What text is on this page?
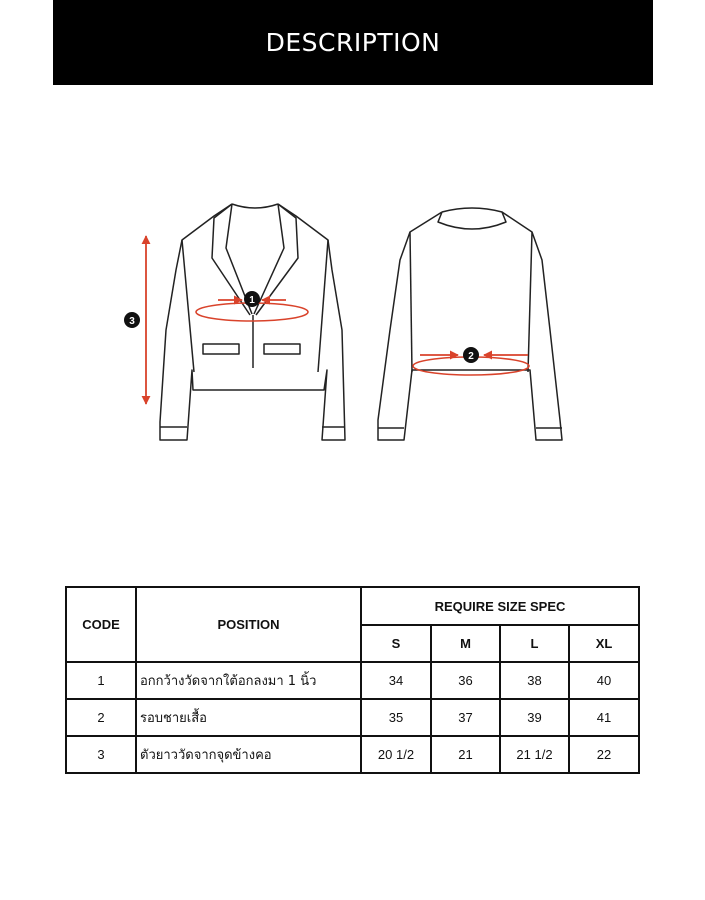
DESCRIPTION
1
2
3
CODE	POSITION	REQUIRE SIZE SPEC			
		S	M	L	XL
1	อกกว้างวัดจากใต้อกลงมา 1 นิ้ว	34	36	38	40
2	รอบชายเสื้อ	35	37	39	41
3	ตัวยาววัดจากจุดข้างคอ	20 1/2	21	21 1/2	22
